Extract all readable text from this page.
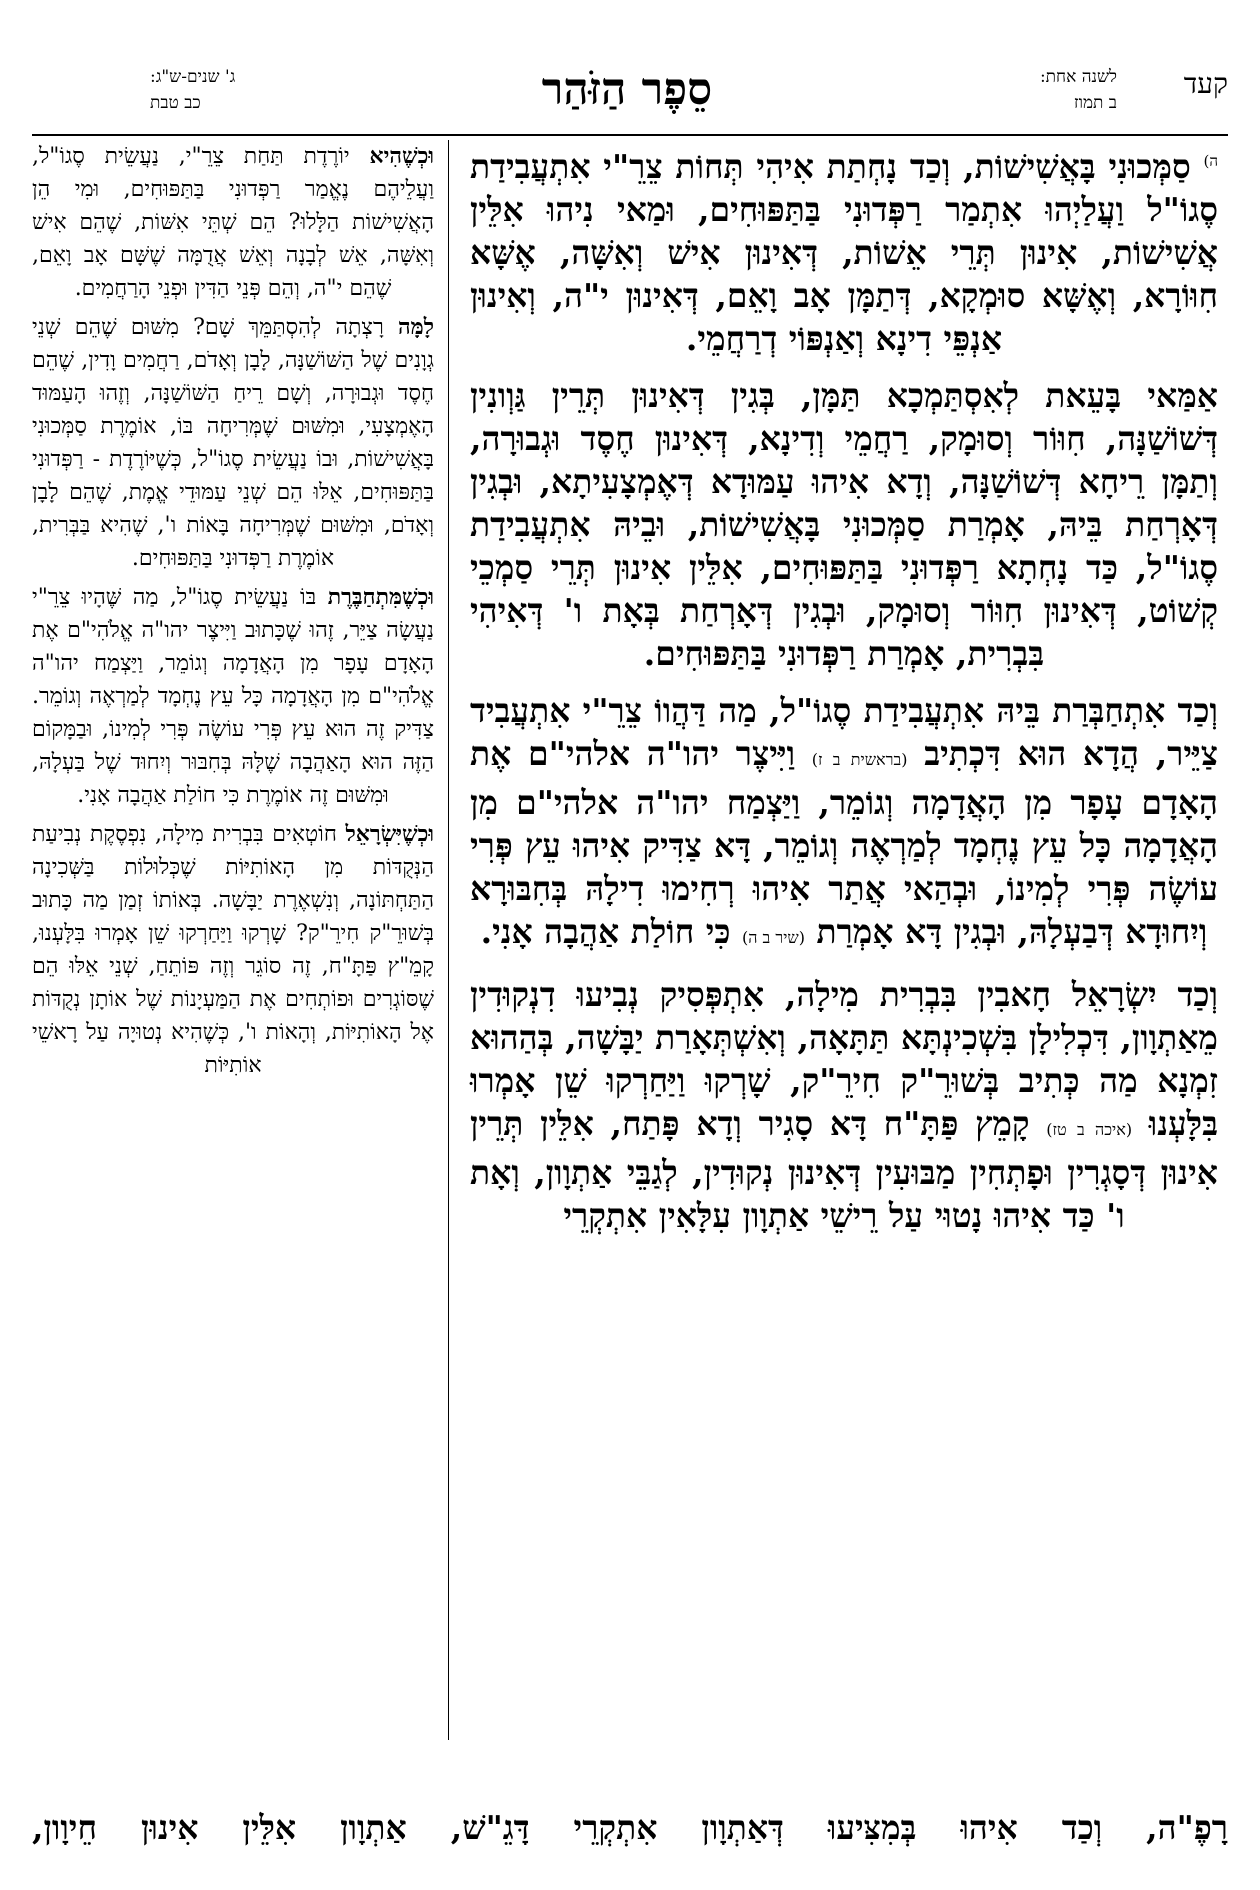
ג' שנים-ש"ג:
כב טבת	סֵפֶר הַזֹּהַר	לשנה אחת:
ב תמוז
קעד

$^{ה)}$ סַמְּכוּנִי בָּאֲשִׁישׁוֹת, וְכַד נָחְתַת אִיהִי תְּחוֹת צֵרֵ"י אִתְעֲבִידַת סֶגוֹ"ל וַעֲלַיְהוּ אִתְמַר רַפְּדוּנִי בַּתַּפּוּחִים, וּמַאי נִיהוּ אִלֵּין אֲשִׁישׁוֹת, אִינוּן תְּרֵי אֵשׁוֹת, דְּאִינוּן אִישׁ וְאִשָּׁה, אֶשָּׁא חִוּוֹרָא, וְאֶשָּׁא סוּמְקָא, דְּתַמָּן אָב וָאֵם, דְּאִינוּן י"ה, וְאִינוּן אַנְפֵּי דִינָא וְאַנְפּוֹי דְרַחֲמֵי.

אַמַּאי בָּעֵאת לְאִסְתַּמְכָא תַּמָּן, בְּגִין דְּאִינוּן תְּרֵין גַּוְונִין דְּשׁוֹשַׁנָּה, חִוּוֹר וְסוּמָק, רַחֲמֵי וְדִינָא, דְּאִינוּן חֶסֶד וּגְבוּרָה, וְתַמָּן רֵיחָא דְּשׁוֹשַׁנָּה, וְדָא אִיהוּ עַמּוּדָא דְּאֶמְצָעִיתָא, וּבְגִין דְּאָרְחַת בֵּיהּ, אָמְרַת סַמְּכוּנִי בָּאֲשִׁישׁוֹת, וּבֵיהּ אִתְעֲבִידַת סֶגוֹ"ל, כַּד נָחְתָא רַפְּדוּנִי בַּתַּפּוּחִים, אִלֵּין אִינוּן תְּרֵי סַמְכֵי קְשׁוֹט, דְּאִינוּן חִוּוֹר וְסוּמָק, וּבְגִין דְּאָרְחַת בְּאָת ו' דְּאִיהִי בִּבְרִית, אָמְרַת רַפְּדוּנִי בַּתַּפּוּחִים.

וְכַד אִתְחַבְּרַת בֵּיהּ אִתְעֲבִידַת סֶגוֹ"ל, מַה דַּהֲווֹ צֵרֵ"י אִתְעֲבִיד צַיֵּיר, הֲדָא הוּא דִּכְתִיב (בראשית ב ז) וַיִּיצֶר יהו"ה אלהי"ם אֶת הָאָדָם עָפָר מִן הָאֲדָמָה וְגוֹמֵר, וַיַּצְמַח יהו"ה אלהי"ם מִן הָאֲדָמָה כָּל עֵץ נֶחְמָד לְמַרְאֶה וְגוֹמֵר, דָּא צַדִּיק אִיהוּ עֵץ פְּרִי עוֹשֶׂה פְּרִי לְמִינוֹ, וּבְהַאי אֲתַר אִיהוּ רְחִימוּ דִילָהּ בְּחִבּוּרָא וְיִחוּדָא דְּבַעְלָהּ, וּבְגִין דָּא אָמְרַת (שיר ב ה) כִּי חוֹלַת אַהֲבָה אָנִי.

וְכַד יִשְׂרָאֵל חָאבִין בִּבְרִית מִילָה, אִתְפְּסִיק נְבִיעוּ דִנְקוּדִין מֵאַתְוָון, דִּכְלִילָן בִּשְׁכִינְתָּא תַּתָּאָה, וְאִשְׁתְּאָרַת יַבָּשָׁה, בְּהַהוּא זִמְנָא מַה כְּתִיב בְּשׁוּרֵ"ק חִירֵ"ק, שָׁרְקוּ וַיַּחַרְקוּ שֵׁן אָמְרוּ בִּלָּעְנוּ (איכה ב טז) קָמֵץ פַּתָּ"ח דָּא סָגִיר וְדָא פָּתַח, אִלֵּין תְּרֵין אִינוּן דְּסָגְרִין וּפָתְחִין מַבּוּעִין דְּאִינוּן נְקוּדִין, לְגַבֵּי אַתְוָון, וְאָת ו' כַּד אִיהוּ נָטוּי עַל רֵישֵׁי אַתְוָון עִלָּאִין אִתְקְרֵי

וּכְשֶׁהִיא יוֹרֶדֶת תַּחַת צֵרֵ"י, נַעֲשֵׂית סֶגוֹ"ל, וַעֲלֵיהֶם נֶאֱמַר רַפְּדוּנִי בַּתַּפּוּחִים, וּמִי הֵן הָאֲשִׁישׁוֹת הַלָּלוּ? הֵם שְׁתֵּי אִשּׁוֹת, שֶׁהֵם אִישׁ וְאִשָּׁה, אֵשׁ לְבָנָה וְאֵשׁ אֲדֻמָּה שֶׁשָּׁם אָב וָאֵם, שֶׁהֵם י"ה, וְהֵם פְּנֵי הַדִּין וּפְנֵי הָרַחֲמִים.

לָמָּה רָצְתָה לְהִסְתַּמֵּךְ שָׁם? מִשּׁוּם שֶׁהֵם שְׁנֵי גְוָנִים שֶׁל הַשּׁוֹשַׁנָּה, לָבָן וְאָדֹם, רַחֲמִים וָדִין, שֶׁהֵם חֶסֶד וּגְבוּרָה, וְשָׁם רֵיחַ הַשּׁוֹשַׁנָּה, וְזֶהוּ הָעַמּוּד הָאֶמְצָעִי, וּמִשּׁוּם שֶׁמְּרִיחָה בּוֹ, אוֹמֶרֶת סַמְּכוּנִי בָּאֲשִׁישׁוֹת, וּבוֹ נַעֲשֵׂית סֶגוֹ"ל, כְּשֶׁיּוֹרֶדֶת - רַפְּדוּנִי בַּתַּפּוּחִים, אֵלּוּ הֵם שְׁנֵי עַמּוּדֵי אֱמֶת, שֶׁהֵם לָבָן וְאָדֹם, וּמִשּׁוּם שֶׁמְּרִיחָה בָּאוֹת ו', שֶׁהִיא בַּבְּרִית, אוֹמֶרֶת רַפְּדוּנִי בַּתַּפּוּחִים.

וּכְשֶׁמִּתְחַבֶּרֶת בּוֹ נַעֲשֵׂית סֶגוֹ"ל, מַה שֶּׁהָיוּ צֵרֵ"י נַעֲשָׂה צַיֵּר, זֶהוּ שֶׁכָּתוּב וַיִּיצֶר יהו"ה אֱלֹהִי"ם אֶת הָאָדָם עָפָר מִן הָאֲדָמָה וְגוֹמֵר, וַיַּצְמַח יהו"ה אֱלֹהִי"ם מִן הָאֲדָמָה כָּל עֵץ נֶחְמָד לְמַרְאֶה וְגוֹמֵר. צַדִּיק זֶה הוּא עֵץ פְּרִי עוֹשֶׂה פְּרִי לְמִינוֹ, וּבַמָּקוֹם הַזֶּה הוּא הָאַהֲבָה שֶׁלָּהּ בְּחִבּוּר וְיִחוּד שֶׁל בַּעְלָהּ, וּמִשּׁוּם זֶה אוֹמֶרֶת כִּי חוֹלַת אַהֲבָה אָנִי.

וּכְשֶׁיִּשְׂרָאֵל חוֹטְאִים בִּבְרִית מִילָה, נִפְסֶקֶת נְבִיעַת הַנְּקֻדּוֹת מִן הָאוֹתִיּוֹת שֶׁכְּלוּלוֹת בַּשְּׁכִינָה הַתַּחְתּוֹנָה, וְנִשְׁאֶרֶת יַבָּשָׁה. בְּאוֹתוֹ זְמַן מַה כָּתוּב בְּשׁוּרֵ"ק חִירֵ"ק? שָׁרְקוּ וַיַּחַרְקוּ שֵׁן אָמְרוּ בִּלָּעְנוּ, קָמֵ"ץ פַּתָּ"ח, זֶה סוֹגֵר וְזֶה פּוֹתֵחַ, שְׁנֵי אֵלּוּ הֵם שֶׁסּוֹגְרִים וּפוֹתְחִים אֶת הַמַּעְיָנוֹת שֶׁל אוֹתָן נְקֻדּוֹת אֶל הָאוֹתִיּוֹת, וְהָאוֹת ו', כְּשֶׁהִיא נְטוּיָה עַל רָאשֵׁי אוֹתִיּוֹת

רָפֶ"ה, וְכַד אִיהוּ בְּמִצִּיעוּ דְּאַתְוָון אִתְקְרֵי דָּגֵ"שׁ, אַתְוָון אִלֵּין אִינוּן חֵיוָון,
